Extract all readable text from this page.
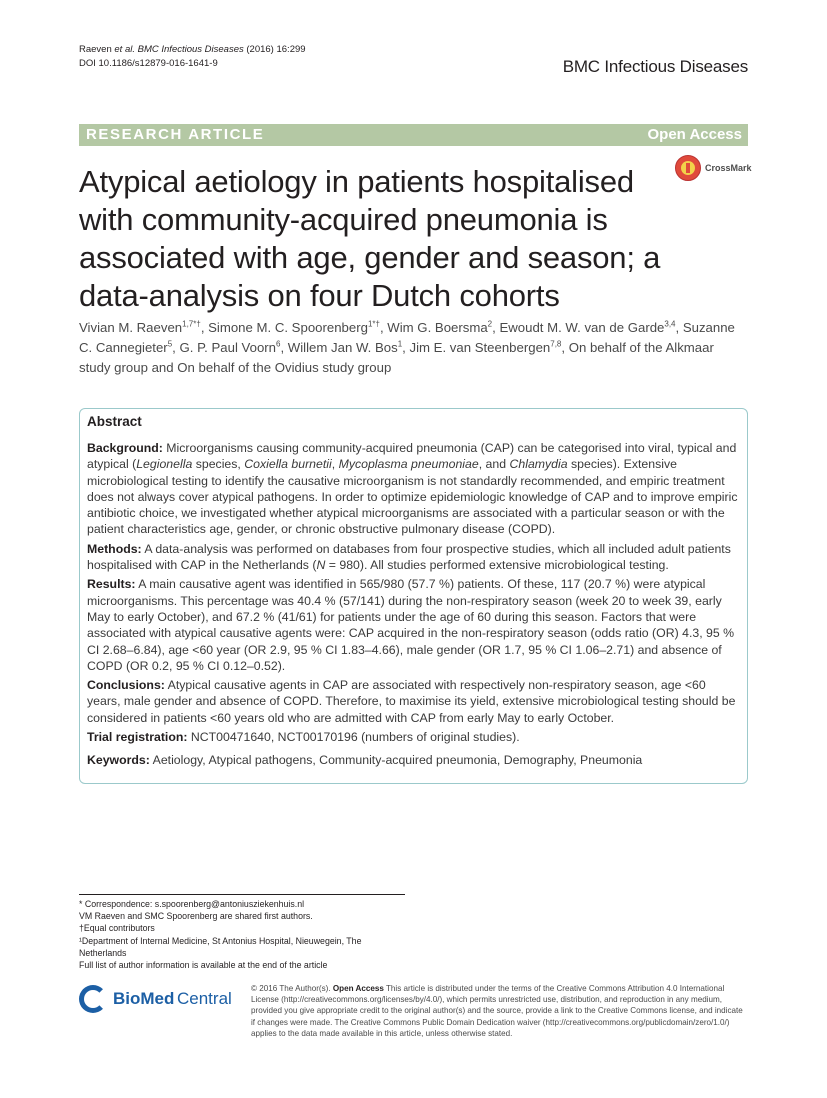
Raeven et al. BMC Infectious Diseases (2016) 16:299
DOI 10.1186/s12879-016-1641-9	BMC Infectious Diseases
RESEARCH ARTICLE	Open Access
Atypical aetiology in patients hospitalised with community-acquired pneumonia is associated with age, gender and season; a data-analysis on four Dutch cohorts
CrossMark
Vivian M. Raeven$^{1,7*\dagger}$, Simone M. C. Spoorenberg$^{1*\dagger}$, Wim G. Boersma$^2$, Ewoudt M. W. van de Garde$^{3,4}$, Suzanne C. Cannegieter$^5$, G. P. Paul Voorn$^6$, Willem Jan W. Bos$^1$, Jim E. van Steenbergen$^{7,8}$, On behalf of the Alkmaar study group and On behalf of the Ovidius study group
Abstract

Background: Microorganisms causing community-acquired pneumonia (CAP) can be categorised into viral, typical and atypical (Legionella species, Coxiella burnetii, Mycoplasma pneumoniae, and Chlamydia species). Extensive microbiological testing to identify the causative microorganism is not standardly recommended, and empiric treatment does not always cover atypical pathogens. In order to optimize epidemiologic knowledge of CAP and to improve empiric antibiotic choice, we investigated whether atypical microorganisms are associated with a particular season or with the patient characteristics age, gender, or chronic obstructive pulmonary disease (COPD).

Methods: A data-analysis was performed on databases from four prospective studies, which all included adult patients hospitalised with CAP in the Netherlands (N = 980). All studies performed extensive microbiological testing.

Results: A main causative agent was identified in 565/980 (57.7 %) patients. Of these, 117 (20.7 %) were atypical microorganisms. This percentage was 40.4 % (57/141) during the non-respiratory season (week 20 to week 39, early May to early October), and 67.2 % (41/61) for patients under the age of 60 during this season. Factors that were associated with atypical causative agents were: CAP acquired in the non-respiratory season (odds ratio (OR) 4.3, 95 % CI 2.68–6.84), age <60 year (OR 2.9, 95 % CI 1.83–4.66), male gender (OR 1.7, 95 % CI 1.06–2.71) and absence of COPD (OR 0.2, 95 % CI 0.12–0.52).

Conclusions: Atypical causative agents in CAP are associated with respectively non-respiratory season, age <60 years, male gender and absence of COPD. Therefore, to maximise its yield, extensive microbiological testing should be considered in patients <60 years old who are admitted with CAP from early May to early October.

Trial registration: NCT00471640, NCT00170196 (numbers of original studies).

Keywords: Aetiology, Atypical pathogens, Community-acquired pneumonia, Demography, Pneumonia

* Correspondence: s.spoorenberg@antoniusziekenhuis.nl
VM Raeven and SMC Spoorenberg are shared first authors.
†Equal contributors
¹Department of Internal Medicine, St Antonius Hospital, Nieuwegein, The Netherlands
Full list of author information is available at the end of the article
BioMed Central
© 2016 The Author(s). Open Access This article is distributed under the terms of the Creative Commons Attribution 4.0 International License (http://creativecommons.org/licenses/by/4.0/), which permits unrestricted use, distribution, and reproduction in any medium, provided you give appropriate credit to the original author(s) and the source, provide a link to the Creative Commons license, and indicate if changes were made. The Creative Commons Public Domain Dedication waiver (http://creativecommons.org/publicdomain/zero/1.0/) applies to the data made available in this article, unless otherwise stated.
